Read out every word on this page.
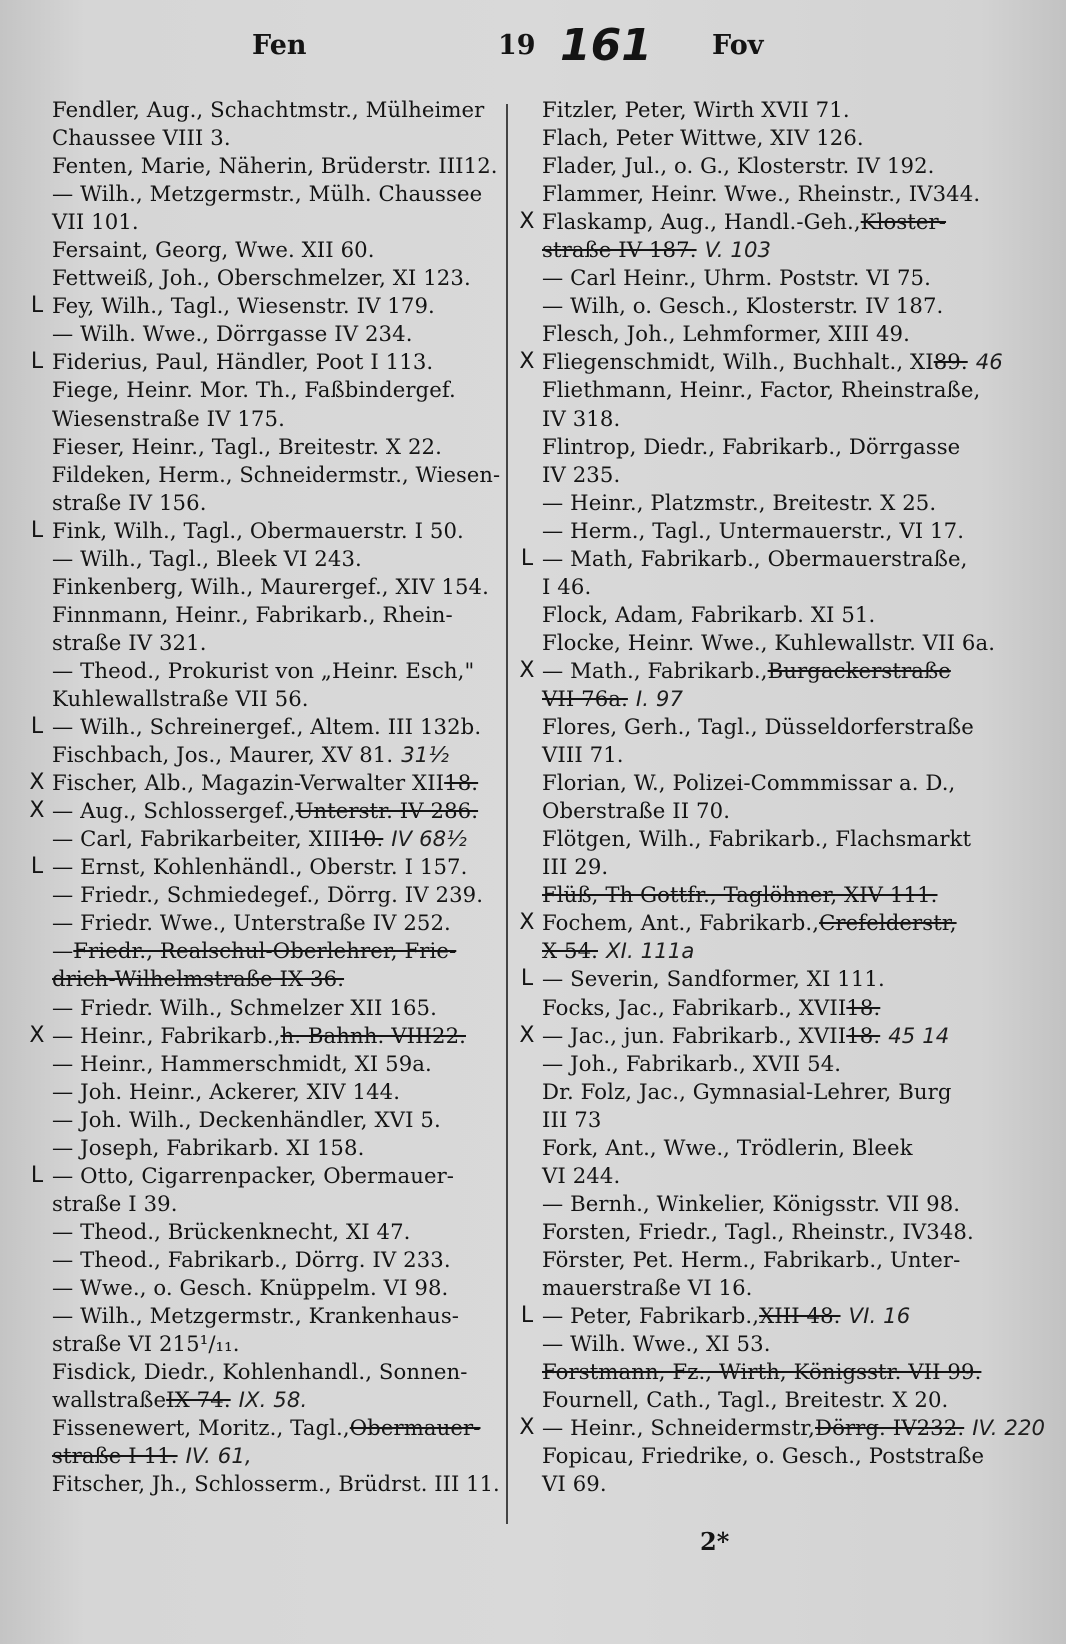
Fen	19 161 Fov
Fendler, Aug., Schachtmstr., Mülheimer
Chaussee VIII 3.
Fenten, Marie, Näherin, Brüderstr. III12.
— Wilh., Metzgermstr., Mülh. Chaussee
VII 101.
Fersaint, Georg, Wwe. XII 60.
Fettweiß, Joh., Oberschmelzer, XI 123.
L Fey, Wilh., Tagl., Wiesenstr. IV 179.
— Wilh. Wwe., Dörrgasse IV 234.
L Fiderius, Paul, Händler, Poot I 113.
Fiege, Heinr. Mor. Th., Faßbindergef.
Wiesenstraße IV 175.
Fieser, Heinr., Tagl., Breitestr. X 22.
Fildeken, Herm., Schneidermstr., Wiesen-
straße IV 156.
L Fink, Wilh., Tagl., Obermauerstr. I 50.
— Wilh., Tagl., Bleek VI 243.
Finkenberg, Wilh., Maurergef., XIV 154.
Finnmann, Heinr., Fabrikarb., Rhein-
straße IV 321.
— Theod., Prokurist von „Heinr. Esch,"
Kuhlewallstraße VII 56.
L — Wilh., Schreinergef., Altem. III 132b.
Fischbach, Jos., Maurer, XV 81. 31½
X Fischer, Alb., Magazin-Verwalter XII 18.
X — Aug., Schlossergef., Unterstr. IV 286.
— Carl, Fabrikarbeiter, XIII 10. IV 68½
L — Ernst, Kohlenhändl., Oberstr. I 157.
— Friedr., Schmiedegef., Dörrg. IV 239.
— Friedr. Wwe., Unterstraße IV 252.
— Friedr., Realschul-Oberlehrer, Frie-
drich-Wilhelmstraße IX 36.
— Friedr. Wilh., Schmelzer XII 165.
X — Heinr., Fabrikarb., h. Bahnh. VIII22.
— Heinr., Hammerschmidt, XI 59a.
— Joh. Heinr., Ackerer, XIV 144.
— Joh. Wilh., Deckenhändler, XVI 5.
— Joseph, Fabrikarb. XI 158.
L — Otto, Cigarrenpacker, Obermauer-
straße I 39.
— Theod., Brückenknecht, XI 47.
— Theod., Fabrikarb., Dörrg. IV 233.
— Wwe., o. Gesch. Knüppelm. VI 98.
— Wilh., Metzgermstr., Krankenhaus-
straße VI 215¹/₁₁.
Fisdick, Diedr., Kohlenhandl., Sonnen-
wallstraße IX 74. IX. 58.
Fissenewert, Moritz., Tagl., Obermauer-
straße I 11. IV. 61,
Fitscher, Jh., Schlosserm., Brüdrst. III 11.
Fitzler, Peter, Wirth XVII 71.
Flach, Peter Wittwe, XIV 126.
Flader, Jul., o. G., Klosterstr. IV 192.
Flammer, Heinr. Wwe., Rheinstr., IV344.
X Flaskamp, Aug., Handl.-Geh., Kloster-
straße IV 187. V. 103
— Carl Heinr., Uhrm. Poststr. VI 75.
— Wilh, o. Gesch., Klosterstr. IV 187.
Flesch, Joh., Lehmformer, XIII 49.
X Fliegenschmidt, Wilh., Buchhalt., XI 89. 46
Fliethmann, Heinr., Factor, Rheinstraße,
IV 318.
Flintrop, Diedr., Fabrikarb., Dörrgasse
IV 235.
— Heinr., Platzmstr., Breitestr. X 25.
— Herm., Tagl., Untermauerstr., VI 17.
L — Math, Fabrikarb., Obermauerstraße,
I 46.
Flock, Adam, Fabrikarb. XI 51.
Flocke, Heinr. Wwe., Kuhlewallstr. VII 6a.
X — Math., Fabrikarb., Burgackerstraße
VII 76a. I. 97
Flores, Gerh., Tagl., Düsseldorferstraße
VIII 71.
Florian, W., Polizei-Commmissar a. D.,
Oberstraße II 70.
Flötgen, Wilh., Fabrikarb., Flachsmarkt
III 29.
Flüß, Th Gottfr., Taglöhner, XIV 111.
X Fochem, Ant., Fabrikarb., Crefelderstr,
X 54. XI. 111a
L — Severin, Sandformer, XI 111.
Focks, Jac., Fabrikarb., XVII 18.
X — Jac., jun. Fabrikarb., XVII 18. 45 14
— Joh., Fabrikarb., XVII 54.
Dr. Folz, Jac., Gymnasial-Lehrer, Burg
III 73
Fork, Ant., Wwe., Trödlerin, Bleek
VI 244.
— Bernh., Winkelier, Königsstr. VII 98.
Forsten, Friedr., Tagl., Rheinstr., IV348.
Förster, Pet. Herm., Fabrikarb., Unter-
mauerstraße VI 16.
L — Peter, Fabrikarb., XIII 48. VI. 16
— Wilh. Wwe., XI 53.
Forstmann, Fz., Wirth, Königsstr. VII 99.
Fournell, Cath., Tagl., Breitestr. X 20.
X — Heinr., Schneidermstr, Dörrg. IV232. IV. 220
Fopicau, Friedrike, o. Gesch., Poststraße
VI 69.
2*
